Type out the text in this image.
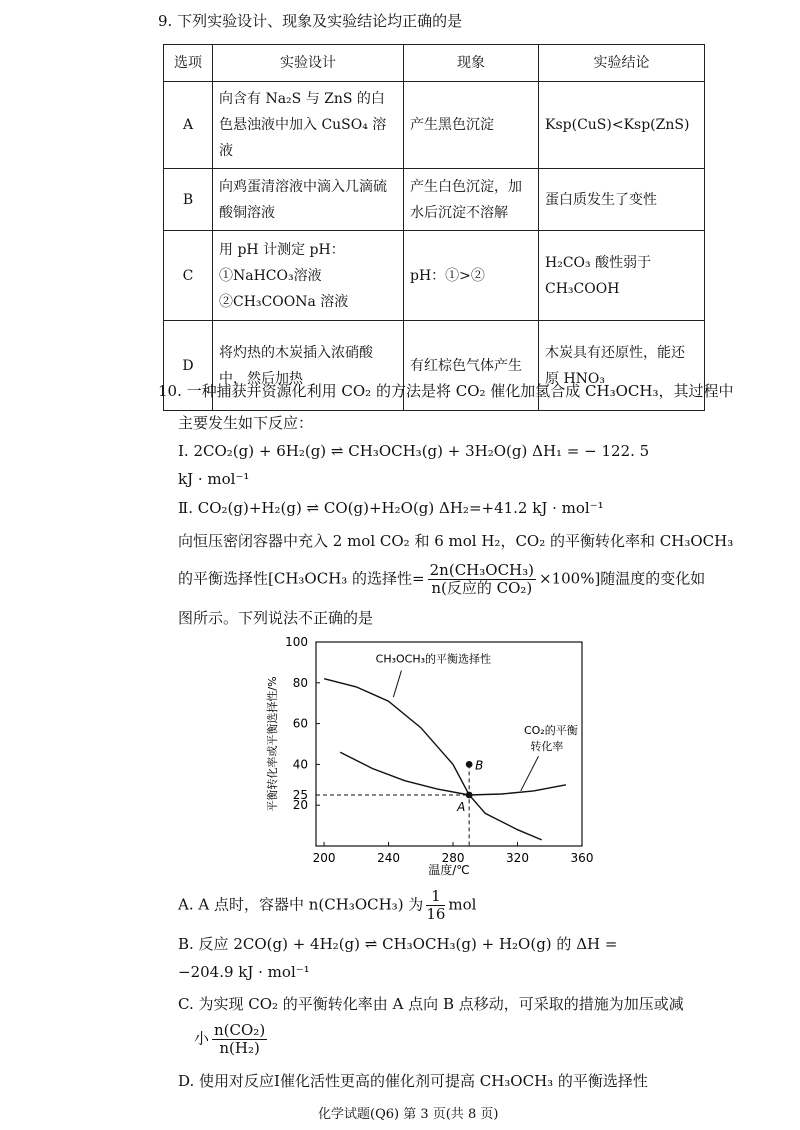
9. 下列实验设计、现象及实验结论均正确的是
选项	实验设计	现象	实验结论
A	向含有 Na₂S 与 ZnS 的白色悬浊液中加入 CuSO₄ 溶液	产生黑色沉淀	Ksp(CuS)<Ksp(ZnS)
B	向鸡蛋清溶液中滴入几滴硫酸铜溶液	产生白色沉淀，加水后沉淀不溶解	蛋白质发生了变性
C	用 pH 计测定 pH：①NaHCO₃溶液 ②CH₃COONa 溶液	pH：①>②	H₂CO₃ 酸性弱于 CH₃COOH
D	将灼热的木炭插入浓硝酸中，然后加热	有红棕色气体产生	木炭具有还原性，能还原 HNO₃
10. 一种捕获并资源化利用 CO₂ 的方法是将 CO₂ 催化加氢合成 CH₃OCH₃，其过程中
主要发生如下反应：
Ⅰ. 2CO₂(g) + 6H₂(g) ⇌ CH₃OCH₃(g) + 3H₂O(g) ΔH₁ = − 122. 5
kJ · mol⁻¹
Ⅱ. CO₂(g)+H₂(g) ⇌ CO(g)+H₂O(g) ΔH₂=+41.2 kJ · mol⁻¹
向恒压密闭容器中充入 2 mol CO₂ 和 6 mol H₂，CO₂ 的平衡转化率和 CH₃OCH₃
的平衡选择性[CH₃OCH₃ 的选择性= $\frac{\text{2n(CH₃OCH₃)}}{\text{n(反应的 CO₂)}} \times 100\%$]随温度的变化如
图所示。下列说法不正确的是
200	240	280	320	360
20
25
40
60
80
100
CH₃OCH₃的平衡选择性
CO₂的平衡
转化率
A
B
温度/℃
平衡转化率或平衡选择性/%
A. A 点时，容器中 n(CH₃OCH₃) 为 $\frac{1}{16}$ mol
B. 反应 2CO(g) + 4H₂(g) ⇌ CH₃OCH₃(g) + H₂O(g) 的 ΔH =
−204.9 kJ · mol⁻¹
C. 为实现 CO₂ 的平衡转化率由 A 点向 B 点移动，可采取的措施为加压或减
小 $\frac{\text{n(CO₂)}}{\text{n(H₂)}}$
D. 使用对反应Ⅰ催化活性更高的催化剂可提高 CH₃OCH₃ 的平衡选择性
化学试题(Q6) 第 3 页(共 8 页)
